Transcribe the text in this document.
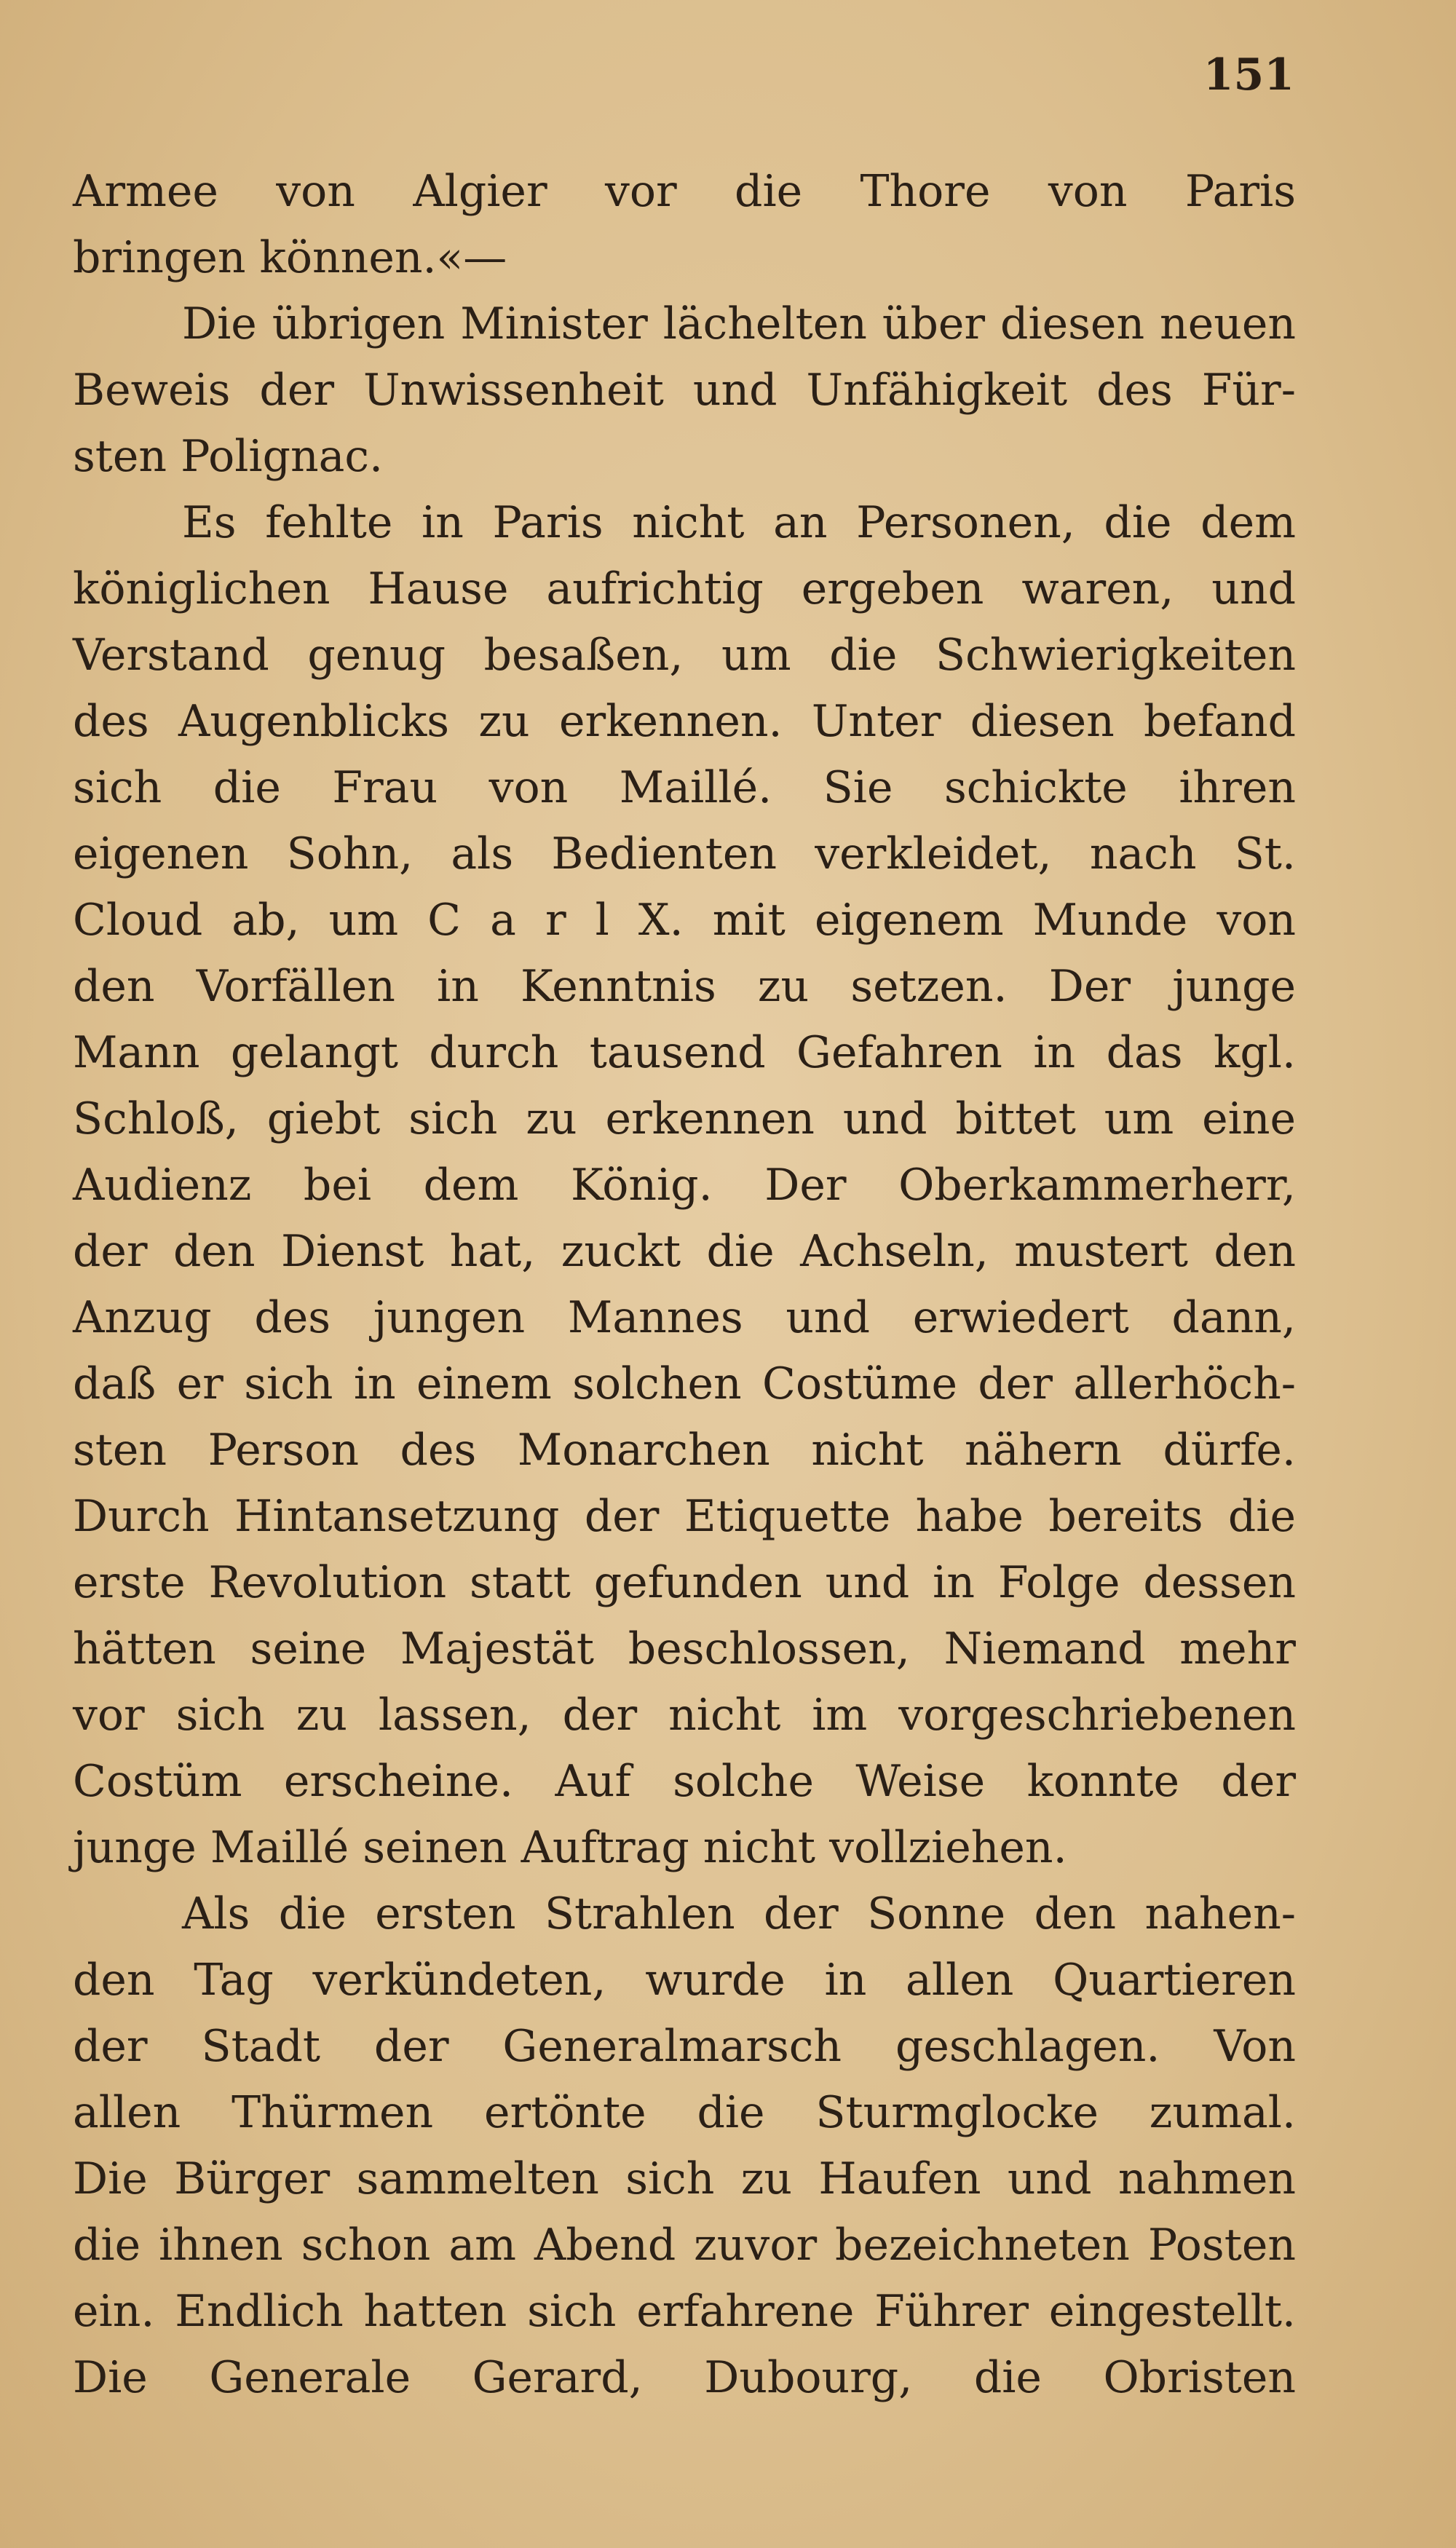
151
Armee von Algier vor die Thore von Paris
bringen können.«—
Die übrigen Minister lächelten über diesen neuen
Beweis der Unwissenheit und Unfähigkeit des Für-
sten Polignac.
Es fehlte in Paris nicht an Personen, die dem
königlichen Hause aufrichtig ergeben waren, und
Verstand genug besaßen, um die Schwierigkeiten
des Augenblicks zu erkennen. Unter diesen befand
sich die Frau von Maillé. Sie schickte ihren
eigenen Sohn, als Bedienten verkleidet, nach St.
Cloud ab, um C a r l X. mit eigenem Munde von
den Vorfällen in Kenntnis zu setzen. Der junge
Mann gelangt durch tausend Gefahren in das kgl.
Schloß, giebt sich zu erkennen und bittet um eine
Audienz bei dem König. Der Oberkammerherr,
der den Dienst hat, zuckt die Achseln, mustert den
Anzug des jungen Mannes und erwiedert dann,
daß er sich in einem solchen Costüme der allerhöch-
sten Person des Monarchen nicht nähern dürfe.
Durch Hintansetzung der Etiquette habe bereits die
erste Revolution statt gefunden und in Folge dessen
hätten seine Majestät beschlossen, Niemand mehr
vor sich zu lassen, der nicht im vorgeschriebenen
Costüm erscheine. Auf solche Weise konnte der
junge Maillé seinen Auftrag nicht vollziehen.
Als die ersten Strahlen der Sonne den nahen-
den Tag verkündeten, wurde in allen Quartieren
der Stadt der Generalmarsch geschlagen. Von
allen Thürmen ertönte die Sturmglocke zumal.
Die Bürger sammelten sich zu Haufen und nahmen
die ihnen schon am Abend zuvor bezeichneten Posten
ein. Endlich hatten sich erfahrene Führer eingestellt.
Die Generale Gerard, Dubourg, die Obristen
